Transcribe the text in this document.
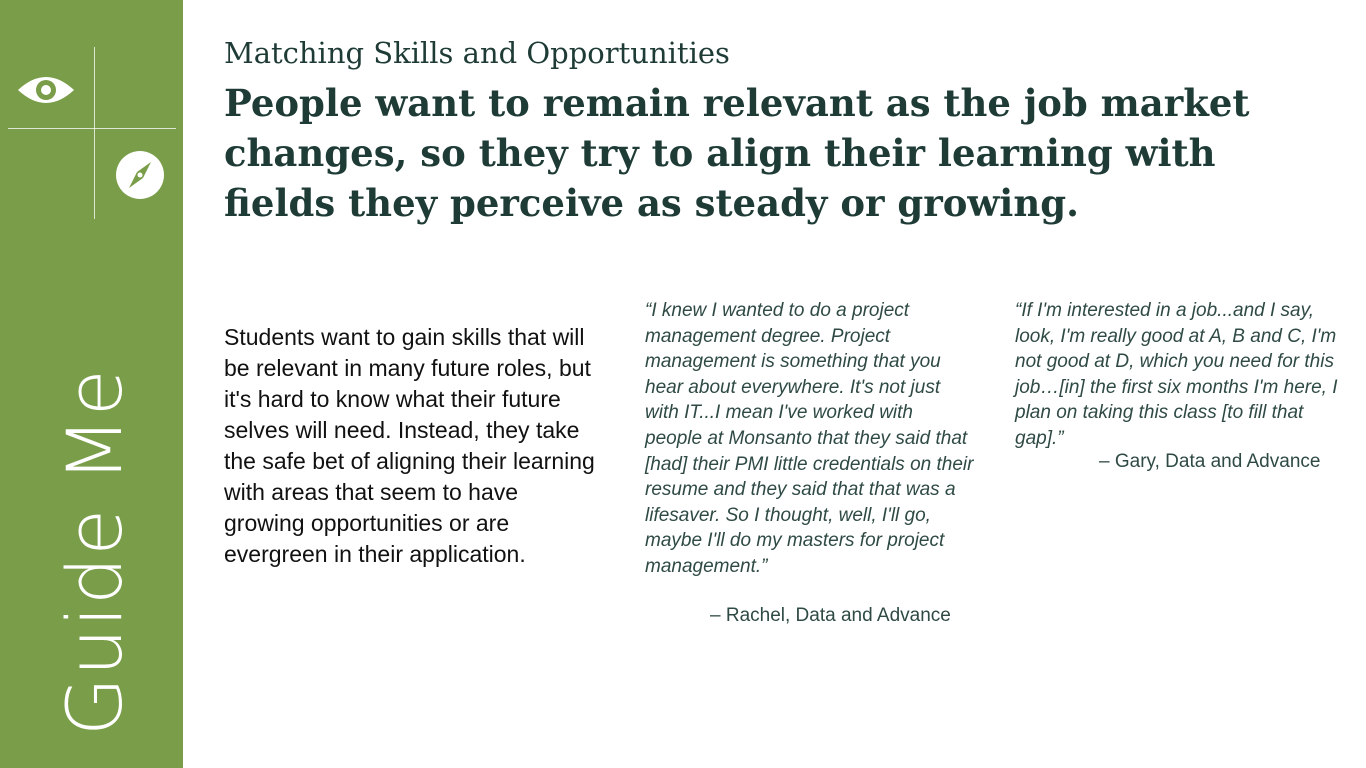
Guide Me
Matching Skills and Opportunities
People want to remain relevant as the job market changes, so they try to align their learning with fields they perceive as steady or growing.
Students want to gain skills that will be relevant in many future roles, but it's hard to know what their future selves will need. Instead, they take the safe bet of aligning their learning with areas that seem to have growing opportunities or are evergreen in their application.
“I knew I wanted to do a project management degree. Project management is something that you hear about everywhere. It's not just with IT...I mean I've worked with people at Monsanto that they said that [had] their PMI little credentials on their resume and they said that that was a lifesaver. So I thought, well, I'll go, maybe I'll do my masters for project management.”
– Rachel, Data and Advance
“If I'm interested in a job...and I say, look, I'm really good at A, B and C, I'm not good at D, which you need for this job…[in] the first six months I'm here, I plan on taking this class [to fill that gap].”
– Gary, Data and Advance
